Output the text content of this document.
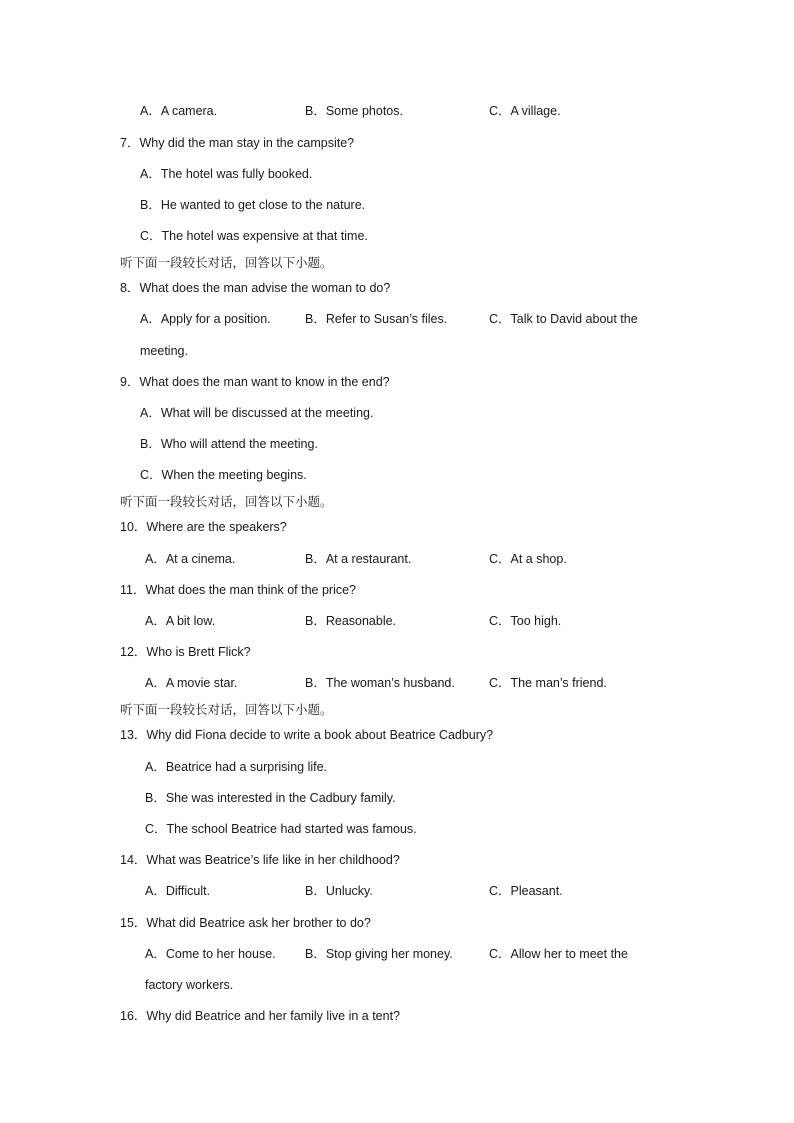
A．A camera.	B．Some photos.	C．A village.
7．Why did the man stay in the campsite?
A．The hotel was fully booked.
B．He wanted to get close to the nature.
C．The hotel was expensive at that time.
听下面一段较长对话，回答以下小题。
8．What does the man advise the woman to do?
A．Apply for a position.	B．Refer to Susan’s files.	C．Talk to David about the
meeting.
9．What does the man want to know in the end?
A．What will be discussed at the meeting.
B．Who will attend the meeting.
C．When the meeting begins.
听下面一段较长对话，回答以下小题。
10．Where are the speakers?
A．At a cinema.	B．At a restaurant.	C．At a shop.
11．What does the man think of the price?
A．A bit low.	B．Reasonable.	C．Too high.
12．Who is Brett Flick?
A．A movie star.	B．The woman’s husband.	C．The man’s friend.
听下面一段较长对话，回答以下小题。
13．Why did Fiona decide to write a book about Beatrice Cadbury?
A．Beatrice had a surprising life.
B．She was interested in the Cadbury family.
C．The school Beatrice had started was famous.
14．What was Beatrice’s life like in her childhood?
A．Difficult.	B．Unlucky.	C．Pleasant.
15．What did Beatrice ask her brother to do?
A．Come to her house. B．Stop giving her money.	C．Allow her to meet the
factory workers.
16．Why did Beatrice and her family live in a tent?
